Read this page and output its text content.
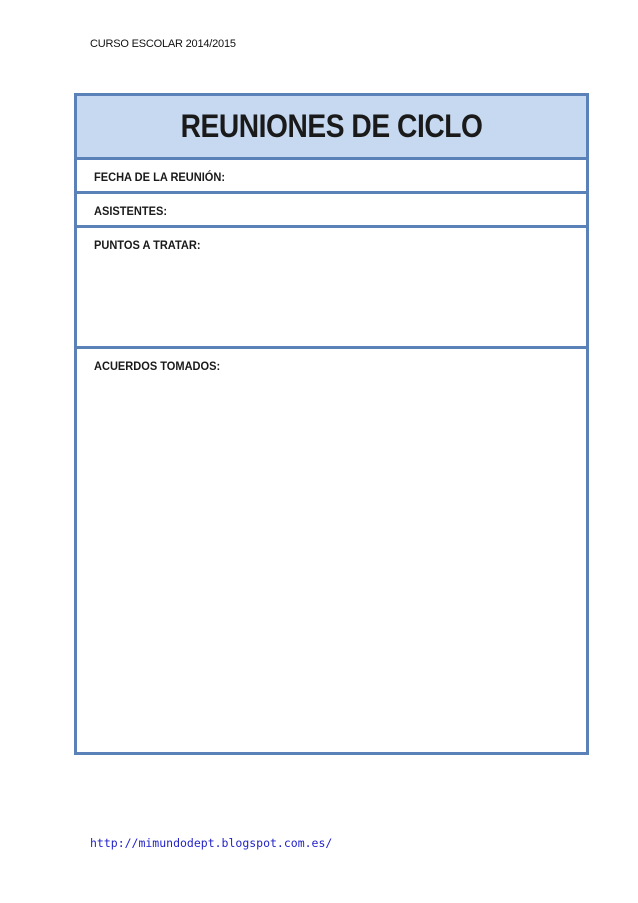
CURSO ESCOLAR 2014/2015
REUNIONES DE CICLO
FECHA DE LA REUNIÓN:
ASISTENTES:
PUNTOS A TRATAR:
ACUERDOS TOMADOS:
http://mimundodept.blogspot.com.es/
